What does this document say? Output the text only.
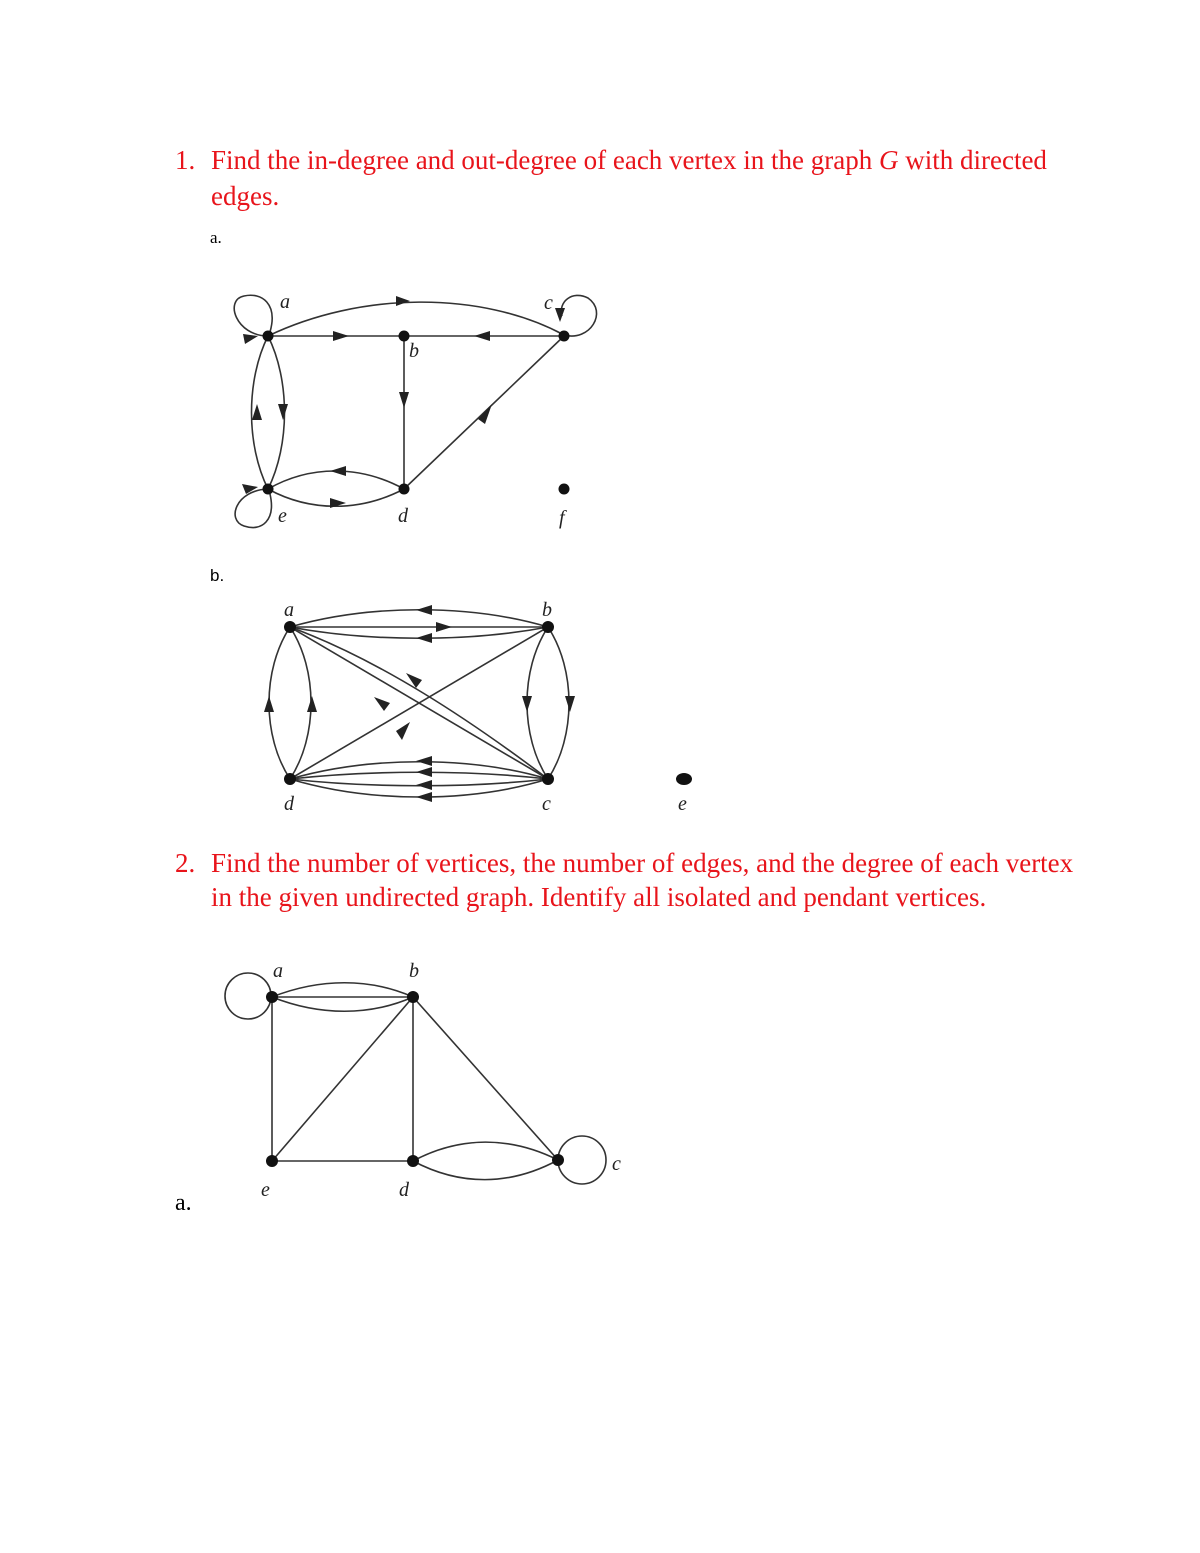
1. Find the in-degree and out-degree of each vertex in the graph G with directed edges.
a.
b.
2. Find the number of vertices, the number of edges, and the degree of each vertex in the given undirected graph. Identify all isolated and pendant vertices.
a.
a
b
c
d
e	f
a	b
c
d	e
a	b
c
d
e
